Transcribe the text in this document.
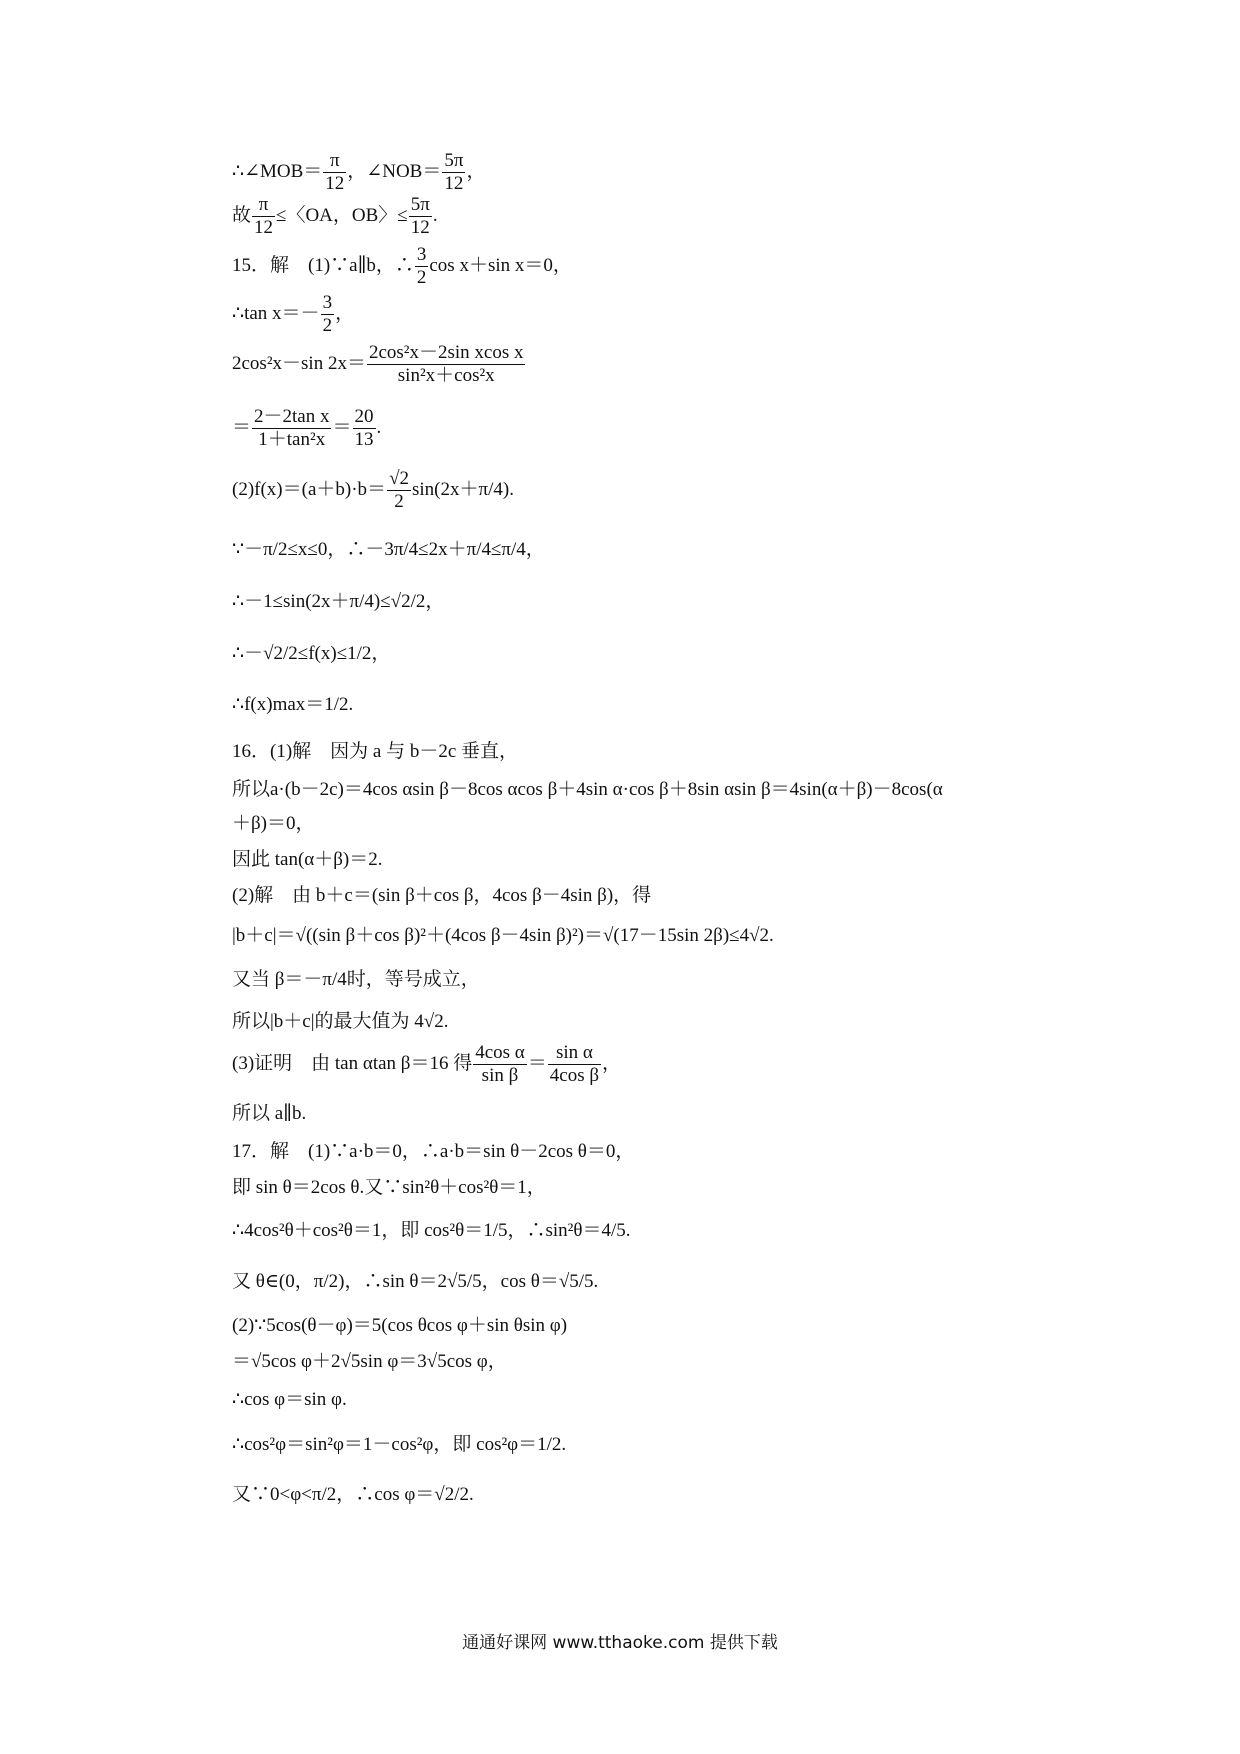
∴∠MOB＝ $\frac{\pi}{12}$ ，∠NOB＝ $\frac{5\pi}{12}$ ，
故 $\frac{\pi}{12}$ ≤〈OA，OB〉≤ $\frac{5\pi}{12}$ .
15．解　(1)∵a∥b，∴ $\frac{3}{2}$ cos x＋sin x＝0，
∴tan $x=- \frac{3}{2}$ ，
2cos²x－sin $2x= \frac{\text{2cos²x－2sin xcos x}}{\text{sin²x＋cos²x}}$
＝ $\frac{\text{2－2tan x}}{\text{1＋tan²x}} = \frac{20}{13}$ .
$(2)f(x)=(a+b)\cdot b= \frac{√2}{2} \sin(2x+\pi/4)$.
∵－π/2≤x≤0，∴－3π/4≤2x＋π/4≤π/4，
∴－1≤sin(2x＋π/4)≤√2/2，
∴－√2/2≤f(x)≤1/2，
∴f(x)max＝1/2.
16．(1)解　因为 a 与 b－2c 垂直，
所以a·(b－2c)＝4cos αsin β－8cos αcos β＋4sin α·cos β＋8sin αsin β＝4sin(α＋β)－8cos(α
＋β)＝0，
因此 tan(α＋β)＝2.
(2)解　由 b＋c＝(sin β＋cos β，4cos β－4sin β)，得
|b＋c|＝√((sin β＋cos β)²＋(4cos β－4sin β)²)＝√(17－15sin 2β)≤4√2.
又当 β＝－π/4时，等号成立，
所以|b＋c|的最大值为 4√2.
(3)证明　由 tan αtan β＝16 得 $\frac{\text{4cos α}}{\text{sin β}} = \frac{\text{sin α}}{\text{4cos β}}$ ，
所以 a∥b.
17．解　(1)∵a·b＝0，∴a·b＝sin θ－2cos θ＝0，
即 sin θ＝2cos θ.又∵sin²θ＋cos²θ＝1，
∴4cos²θ＋cos²θ＝1，即 cos²θ＝1/5，∴sin²θ＝4/5.
又 θ∈(0，π/2)，∴sin θ＝2√5/5，cos θ＝√5/5.
(2)∵5cos(θ－φ)＝5(cos θcos φ＋sin θsin φ)
＝√5cos φ＋2√5sin φ＝3√5cos φ，
∴cos φ＝sin φ.
∴cos²φ＝sin²φ＝1－cos²φ，即 cos²φ＝1/2.
又∵0<φ<π/2，∴cos φ＝√2/2.
通通好课网 www.tthaoke.com 提供下载
